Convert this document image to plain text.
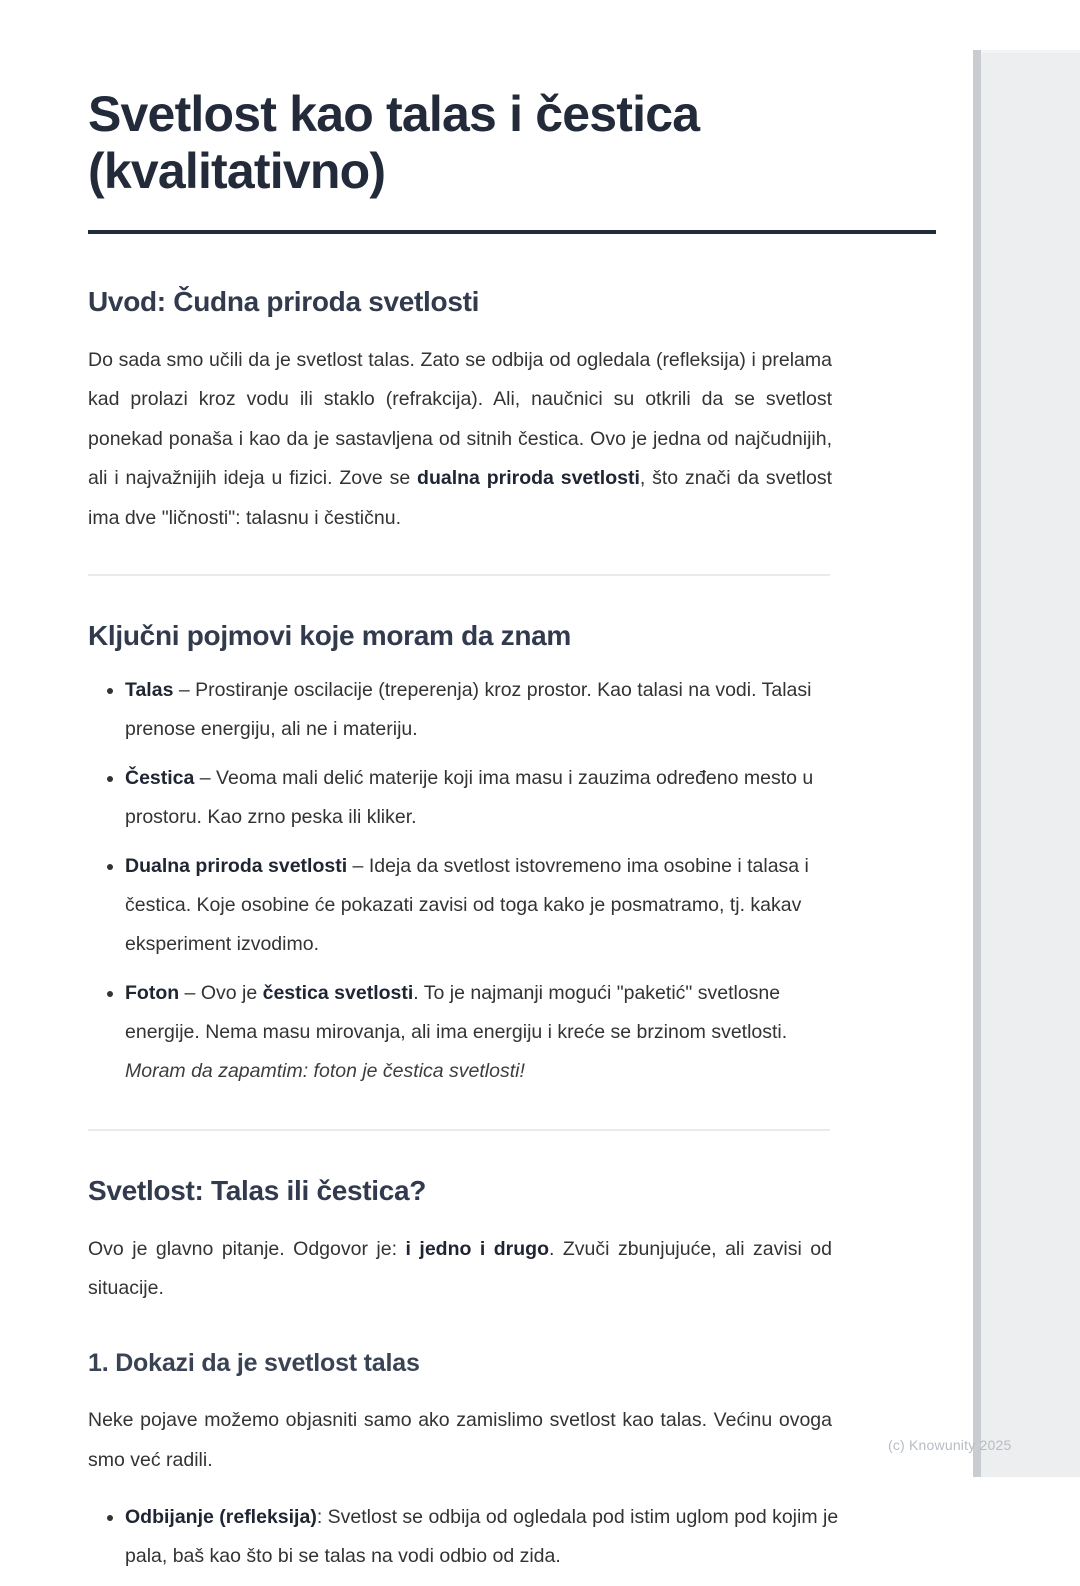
Svetlost kao talas i čestica (kvalitativno)
Uvod: Čudna priroda svetlosti

Do sada smo učili da je svetlost talas. Zato se odbija od ogledala (refleksija) i prelama kad prolazi kroz vodu ili staklo (refrakcija). Ali, naučnici su otkrili da se svetlost ponekad ponaša i kao da je sastavljena od sitnih čestica. Ovo je jedna od najčudnijih, ali i najvažnijih ideja u fizici. Zove se dualna priroda svetlosti, što znači da svetlost ima dve "ličnosti": talasnu i čestičnu.

Ključni pojmovi koje moram da znam
Talas – Prostiranje oscilacije (treperenja) kroz prostor. Kao talasi na vodi. Talasi prenose energiju, ali ne i materiju.
Čestica – Veoma mali delić materije koji ima masu i zauzima određeno mesto u prostoru. Kao zrno peska ili kliker.
Dualna priroda svetlosti – Ideja da svetlost istovremeno ima osobine i talasa i čestica. Koje osobine će pokazati zavisi od toga kako je posmatramo, tj. kakav eksperiment izvodimo.
Foton – Ovo je čestica svetlosti. To je najmanji mogući "paketić" svetlosne energije. Nema masu mirovanja, ali ima energiju i kreće se brzinom svetlosti. Moram da zapamtim: foton je čestica svetlosti!
Svetlost: Talas ili čestica?

Ovo je glavno pitanje. Odgovor je: i jedno i drugo. Zvuči zbunjujuće, ali zavisi od situacije.

1. Dokazi da je svetlost talas

Neke pojave možemo objasniti samo ako zamislimo svetlost kao talas. Većinu ovoga smo već radili.

Odbijanje (refleksija): Svetlost se odbija od ogledala pod istim uglom pod kojim je pala, baš kao što bi se talas na vodi odbio od zida.
(c) Knowunity 2025
